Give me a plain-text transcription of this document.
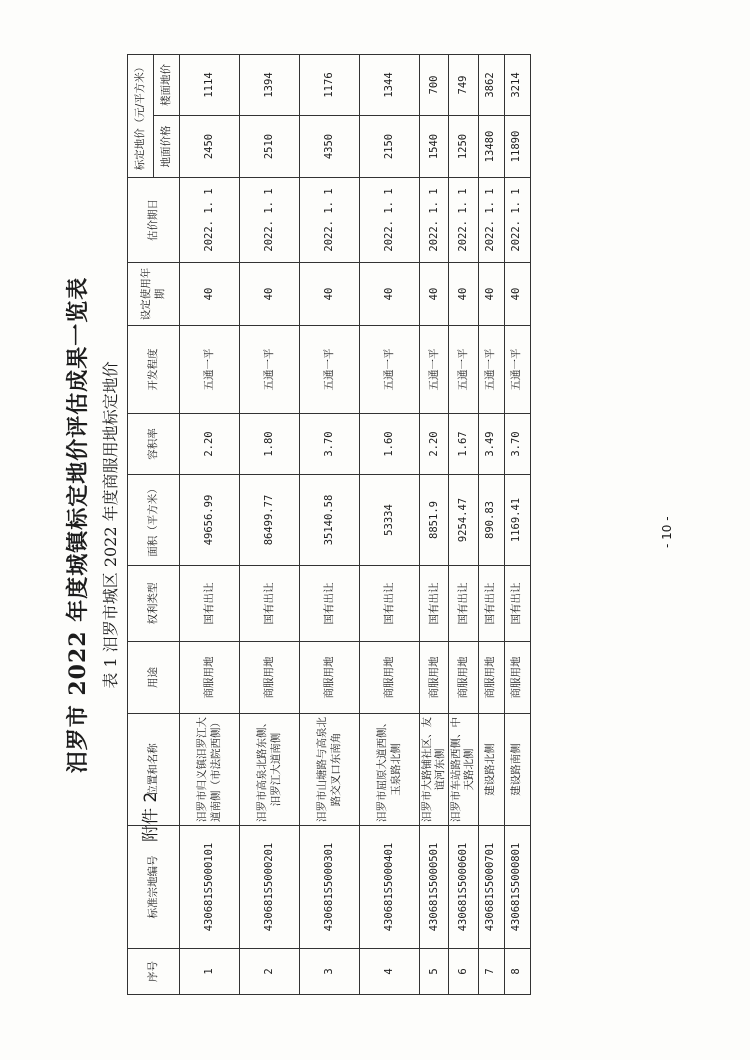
附件 2
汨罗市 2022 年度城镇标定地价评估成果一览表 表 1 汨罗市城区 2022 年度商服用地标定地价
序号	标准宗地编号	位置和名称	用途	权利类型	面积（平方米）	容积率	开发程度	设定使用年期	估价期日	标定地价（元/平方米）	
										地面价格	楼面地价
1	430681S5000101	汨罗市归义镇汨罗江大道南侧（市法院西侧）	商服用地	国有出让	49656.99	2.20	五通一平	40	2022. 1. 1	2450	1114
2	430681S5000201	汨罗市高泉北路东侧、汨罗江大道南侧	商服用地	国有出让	86499.77	1.80	五通一平	40	2022. 1. 1	2510	1394
3	430681S5000301	汨罗市山塘路与高泉北路交叉口东南角	商服用地	国有出让	35140.58	3.70	五通一平	40	2022. 1. 1	4350	1176
4	430681S5000401	汨罗市屈原大道西侧、玉泉路北侧	商服用地	国有出让	53334	1.60	五通一平	40	2022. 1. 1	2150	1344
5	430681S5000501	汨罗市大路铺社区、友谊河东侧	商服用地	国有出让	8851.9	2.20	五通一平	40	2022. 1. 1	1540	700
6	430681S5000601	汨罗市车站路西侧、中天路北侧	商服用地	国有出让	9254.47	1.67	五通一平	40	2022. 1. 1	1250	749
7	430681S5000701	建设路北侧	商服用地	国有出让	890.83	3.49	五通一平	40	2022. 1. 1	13480	3862
8	430681S5000801	建设路南侧	商服用地	国有出让	1169.41	3.70	五通一平	40	2022. 1. 1	11890	3214
- 10 -
